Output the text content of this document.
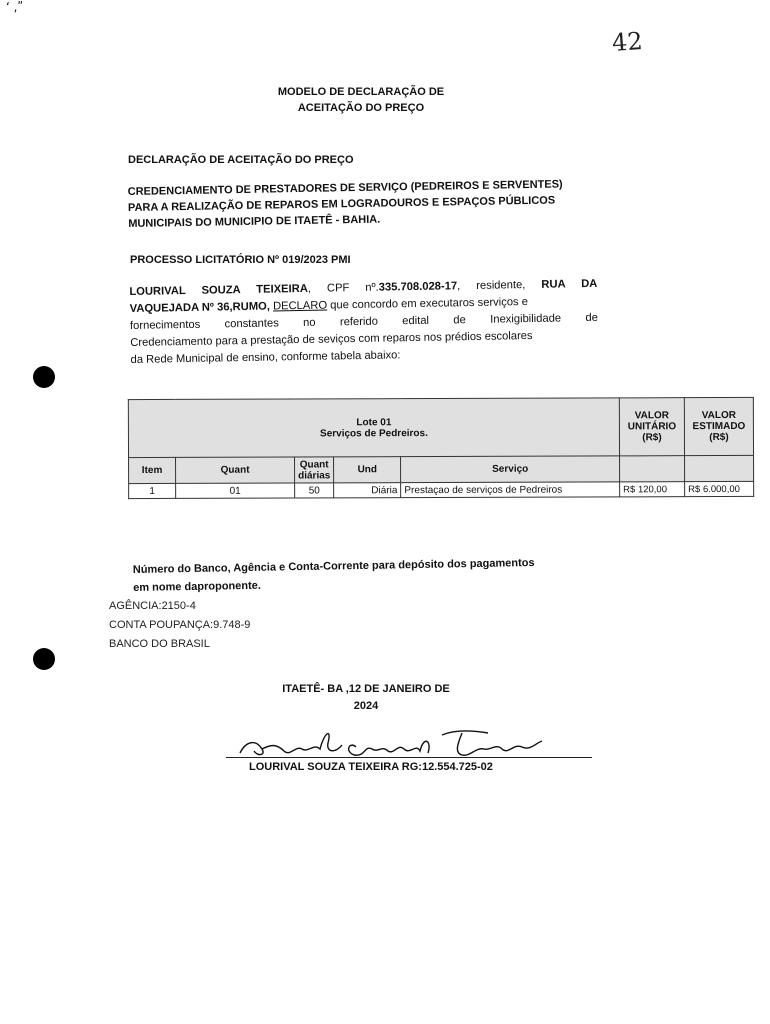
ʻ ,ʺ
42
MODELO DE DECLARAÇÃO DE
ACEITAÇÃO DO PREÇO
DECLARAÇÃO DE ACEITAÇÃO DO PREÇO
CREDENCIAMENTO DE PRESTADORES DE SERVIÇO (PEDREIROS E SERVENTES)
PARA A REALIZAÇÃO DE REPAROS EM LOGRADOUROS E ESPAÇOS PÚBLICOS
MUNICIPAIS DO MUNICIPIO DE ITAETÊ - BAHIA.
PROCESSO LICITATÓRIO Nº 019/2023 PMI
LOURIVAL SOUZA TEIXEIRA, CPF nº.335.708.028-17, residente, RUA DA
VAQUEJADA Nº 36,RUMO, DECLARO que concordo em executaros serviços e
fornecimentos constantes no referido edital de Inexigibilidade de
Credenciamento para a prestação de seviços com reparos nos prédios escolares
da Rede Municipal de ensino, conforme tabela abaixo:
Lote 01
Serviços de Pedreiros.					VALOR UNITÁRIO (R$)	VALOR ESTIMADO (R$)
Item	Quant	Quant diárias	Und	Serviço		
1	01	50	Diária	Prestaçao de serviços de Pedreiros	R$ 120,00	R$ 6.000,00
Número do Banco, Agência e Conta-Corrente para depósito dos pagamentos
em nome daproponente.
AGÊNCIA:2150-4
CONTA POUPANÇA:9.748-9
BANCO DO BRASIL
ITAETÊ- BA ,12 DE JANEIRO DE
2024
LOURIVAL SOUZA TEIXEIRA RG:12.554.725-02
